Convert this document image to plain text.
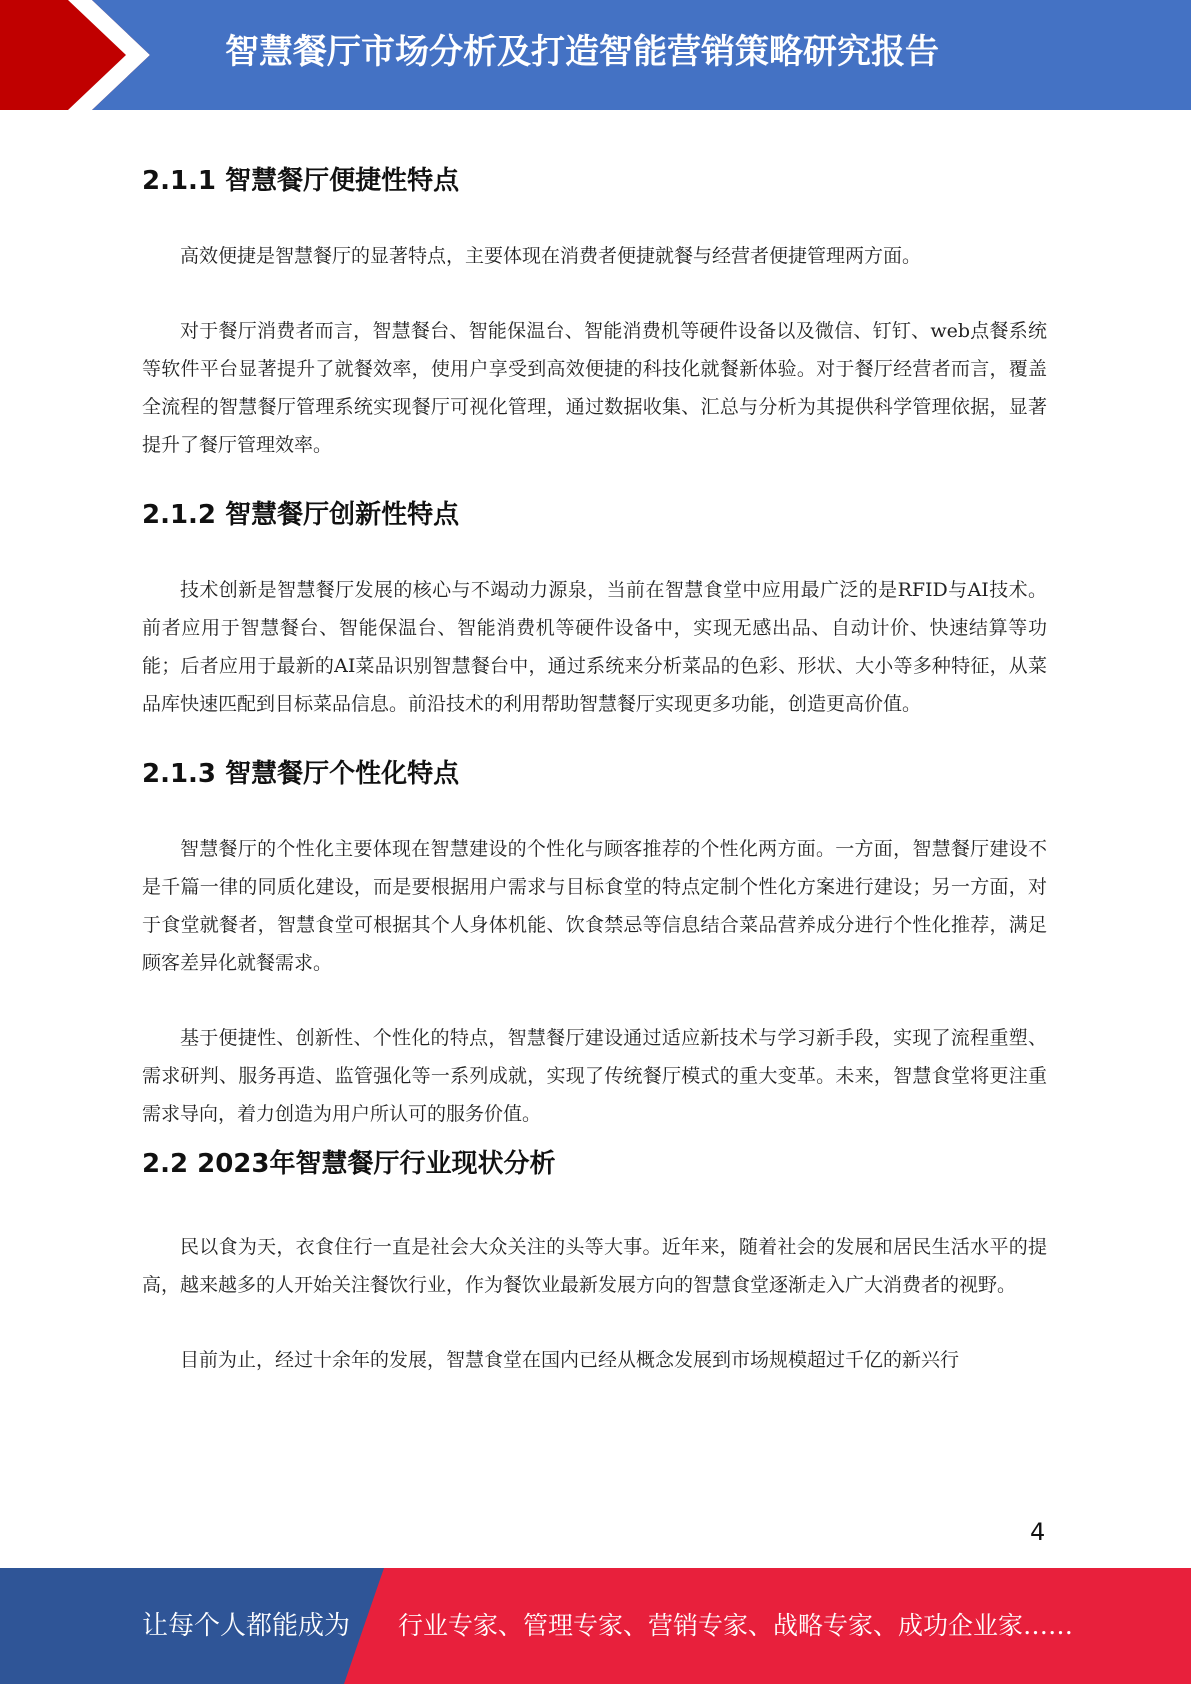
智慧餐厅市场分析及打造智能营销策略研究报告
2.1.1 智慧餐厅便捷性特点

高效便捷是智慧餐厅的显著特点，主要体现在消费者便捷就餐与经营者便捷管理两方面。

对于餐厅消费者而言，智慧餐台、智能保温台、智能消费机等硬件设备以及微信、钉钉、web点餐系统等软件平台显著提升了就餐效率，使用户享受到高效便捷的科技化就餐新体验。对于餐厅经营者而言，覆盖全流程的智慧餐厅管理系统实现餐厅可视化管理，通过数据收集、汇总与分析为其提供科学管理依据，显著提升了餐厅管理效率。

2.1.2 智慧餐厅创新性特点

技术创新是智慧餐厅发展的核心与不竭动力源泉，当前在智慧食堂中应用最广泛的是RFID与AI技术。前者应用于智慧餐台、智能保温台、智能消费机等硬件设备中，实现无感出品、自动计价、快速结算等功能；后者应用于最新的AI菜品识别智慧餐台中，通过系统来分析菜品的色彩、形状、大小等多种特征，从菜品库快速匹配到目标菜品信息。前沿技术的利用帮助智慧餐厅实现更多功能，创造更高价值。

2.1.3 智慧餐厅个性化特点

智慧餐厅的个性化主要体现在智慧建设的个性化与顾客推荐的个性化两方面。一方面，智慧餐厅建设不是千篇一律的同质化建设，而是要根据用户需求与目标食堂的特点定制个性化方案进行建设；另一方面，对于食堂就餐者，智慧食堂可根据其个人身体机能、饮食禁忌等信息结合菜品营养成分进行个性化推荐，满足顾客差异化就餐需求。

基于便捷性、创新性、个性化的特点，智慧餐厅建设通过适应新技术与学习新手段，实现了流程重塑、需求研判、服务再造、监管强化等一系列成就，实现了传统餐厅模式的重大变革。未来，智慧食堂将更注重需求导向，着力创造为用户所认可的服务价值。

2.2 2023年智慧餐厅行业现状分析

民以食为天，衣食住行一直是社会大众关注的头等大事。近年来，随着社会的发展和居民生活水平的提高，越来越多的人开始关注餐饮行业，作为餐饮业最新发展方向的智慧食堂逐渐走入广大消费者的视野。

目前为止，经过十余年的发展，智慧食堂在国内已经从概念发展到市场规模超过千亿的新兴行

4
让每个人都能成为 行业专家、管理专家、营销专家、战略专家、成功企业家……
